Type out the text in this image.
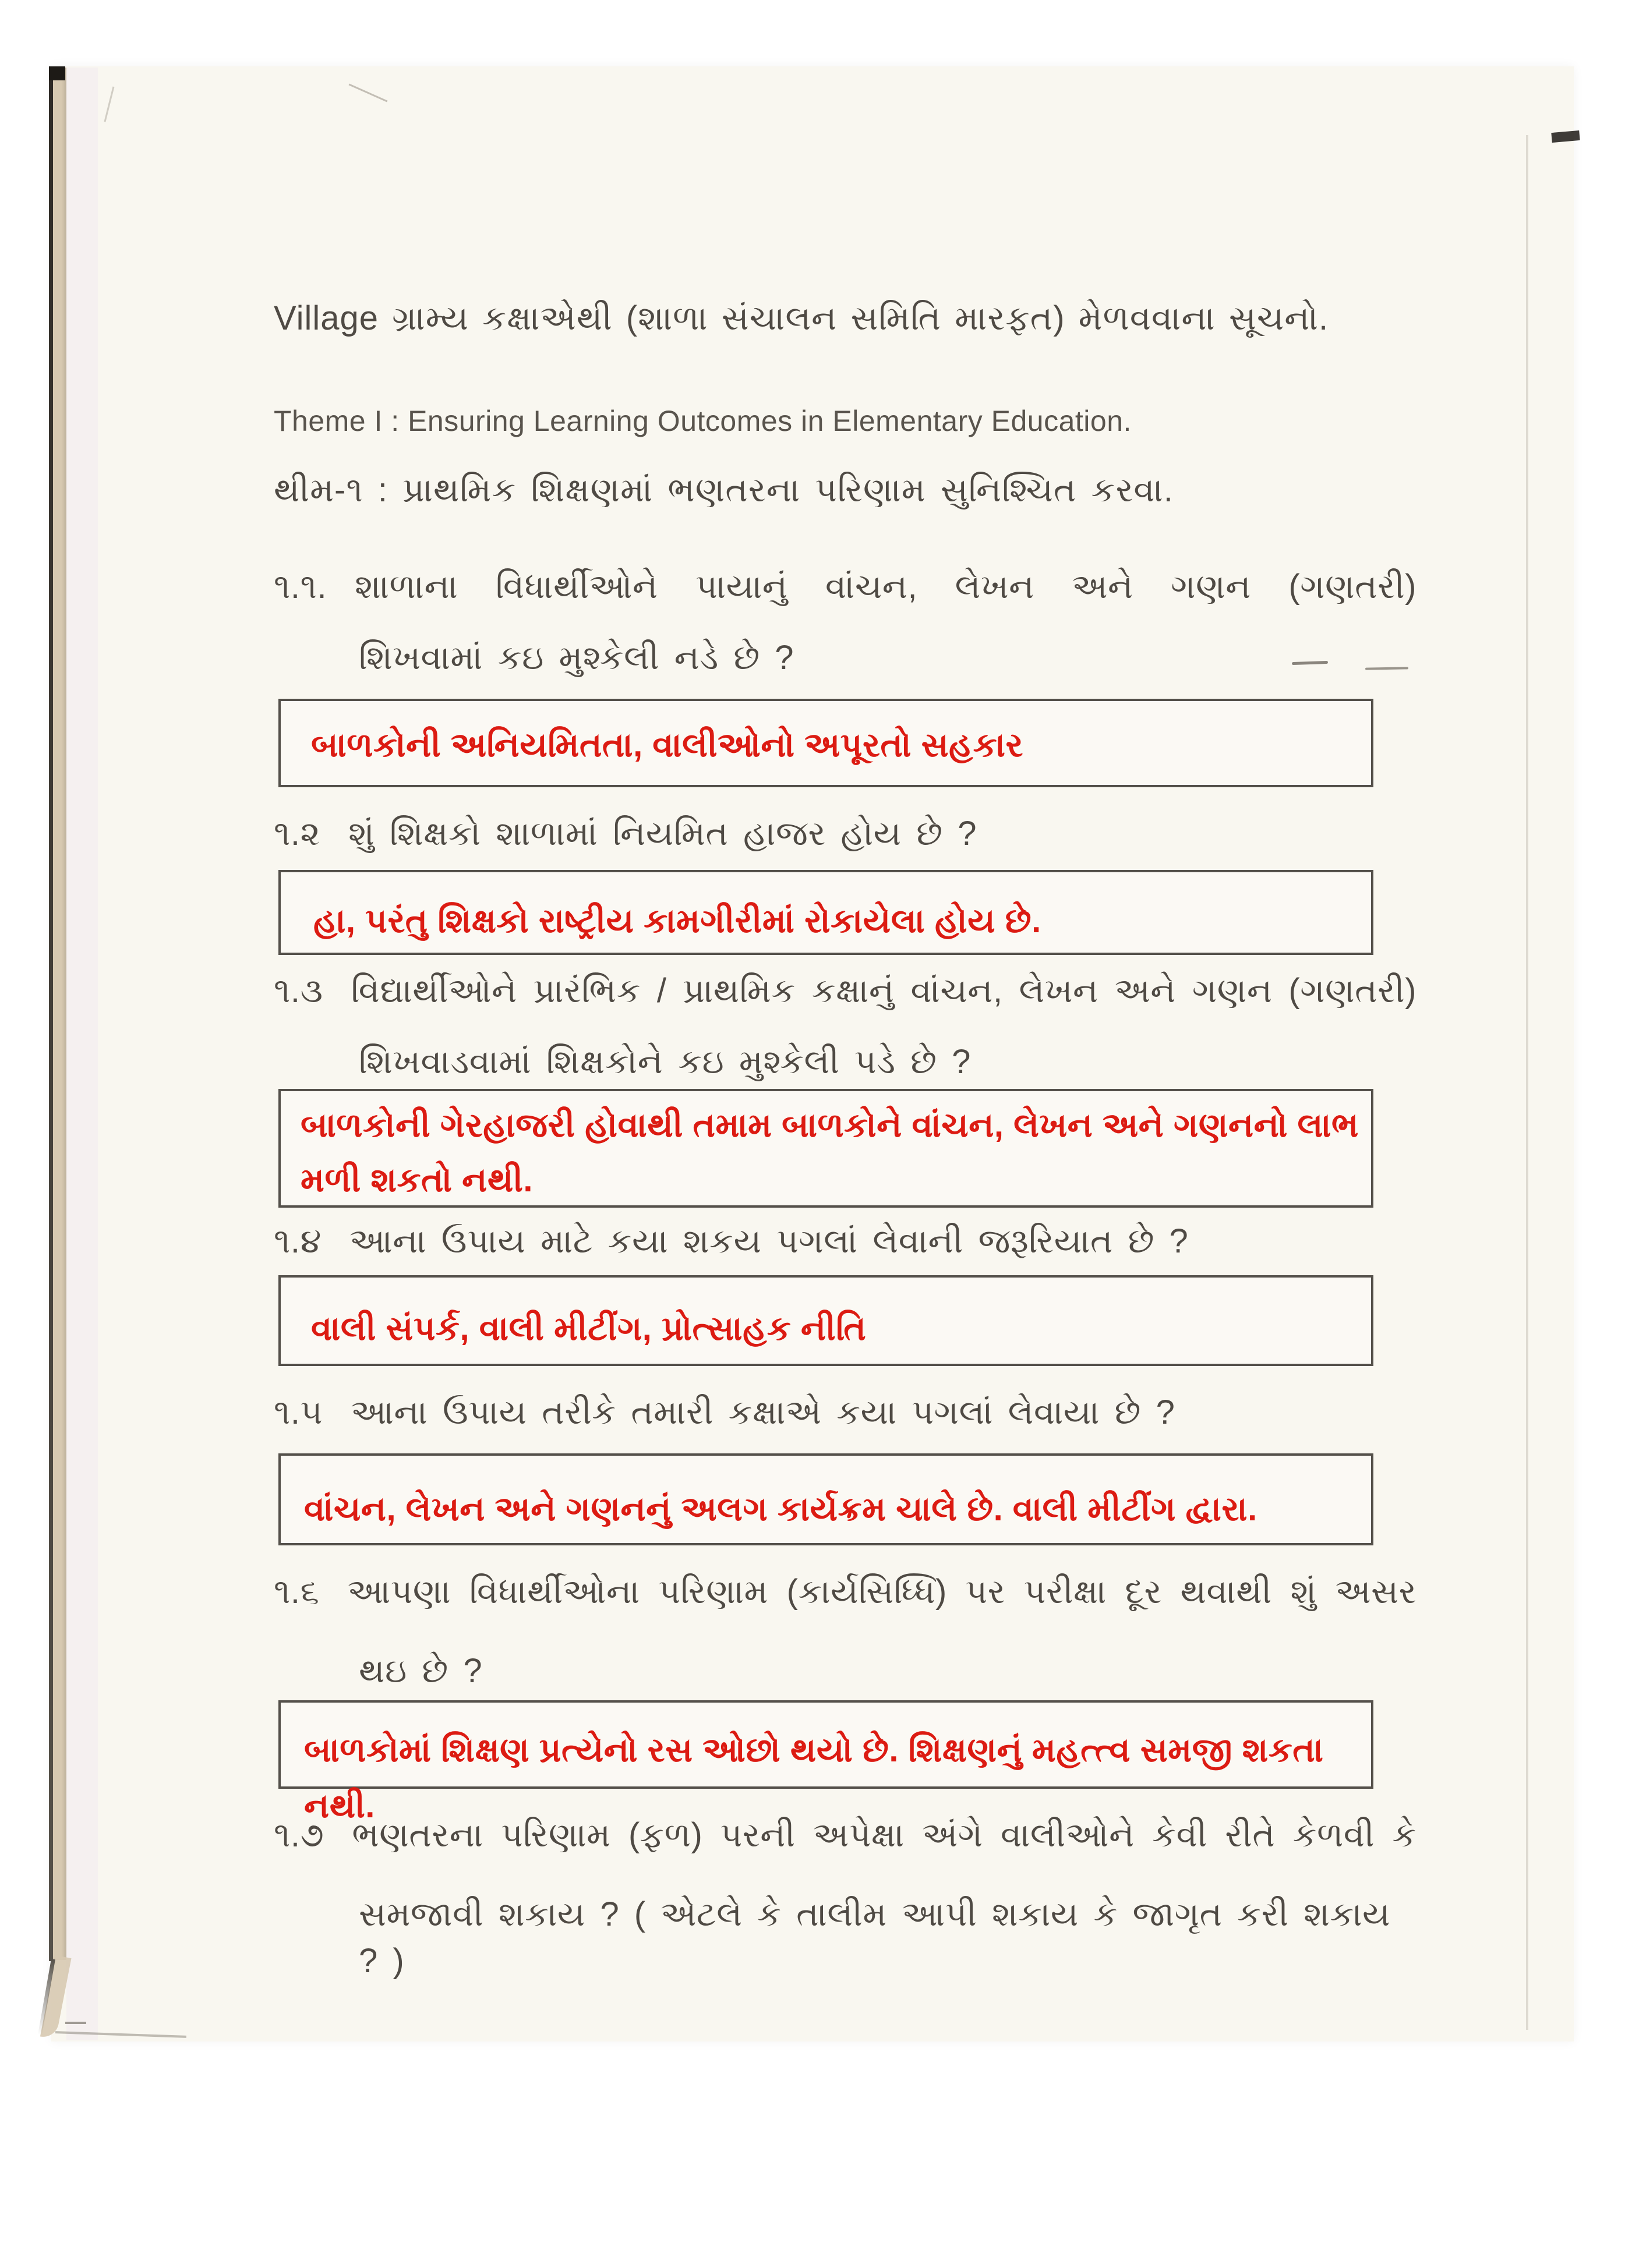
Village ગ્રામ્ય કક્ષાએથી (શાળા સંચાલન સમિતિ મારફત) મેળવવાના સૂચનો.
Theme I : Ensuring Learning Outcomes in Elementary Education.
થીમ-૧ : પ્રાથમિક શિક્ષણમાં ભણતરના પરિણામ સુનિશ્ચિત કરવા.
૧.૧. શાળાના વિધાર્થીઓને પાયાનું વાંચન, લેખન અને ગણન (ગણતરી)
શિખવામાં કઇ મુશ્કેલી નડે છે ?
બાળકોની અનિયમિતતા, વાલીઓનો અપૂરતો સહકાર
૧.૨ શું શિક્ષકો શાળામાં નિયમિત હાજર હોય છે ?
હા, પરંતુ શિક્ષકો રાષ્ટ્રીય કામગીરીમાં રોકાયેલા હોય છે.
૧.૩ વિદ્યાર્થીઓને પ્રારંભિક / પ્રાથમિક કક્ષાનું વાંચન, લેખન અને ગણન (ગણતરી)
શિખવાડવામાં શિક્ષકોને કઇ મુશ્કેલી પડે છે ?
બાળકોની ગેરહાજરી હોવાથી તમામ બાળકોને વાંચન, લેખન અને ગણનનો લાભ
મળી શકતો નથી.
૧.૪ આના ઉપાય માટે કયા શકય પગલાં લેવાની જરૂરિયાત છે ?
વાલી સંપર્ક, વાલી મીટીંગ, પ્રોત્સાહક નીતિ
૧.૫ આના ઉપાય તરીકે તમારી કક્ષાએ કયા પગલાં લેવાયા છે ?
વાંચન, લેખન અને ગણનનું અલગ કાર્યક્રમ ચાલે છે. વાલી મીટીંગ દ્વારા.
૧.૬ આપણા વિધાર્થીઓના પરિણામ (કાર્યસિધ્ધિ) પર પરીક્ષા દૂર થવાથી શું અસર
થઇ છે ?
બાળકોમાં શિક્ષણ પ્રત્યેનો રસ ઓછો થયો છે. શિક્ષણનું મહત્ત્વ સમજી શકતા નથી.
૧.૭ ભણતરના પરિણામ (ફળ) પરની અપેક્ષા અંગે વાલીઓને કેવી રીતે કેળવી કે
સમજાવી શકાય ? ( એટલે કે તાલીમ આપી શકાય કે જાગૃત કરી શકાય ? )
